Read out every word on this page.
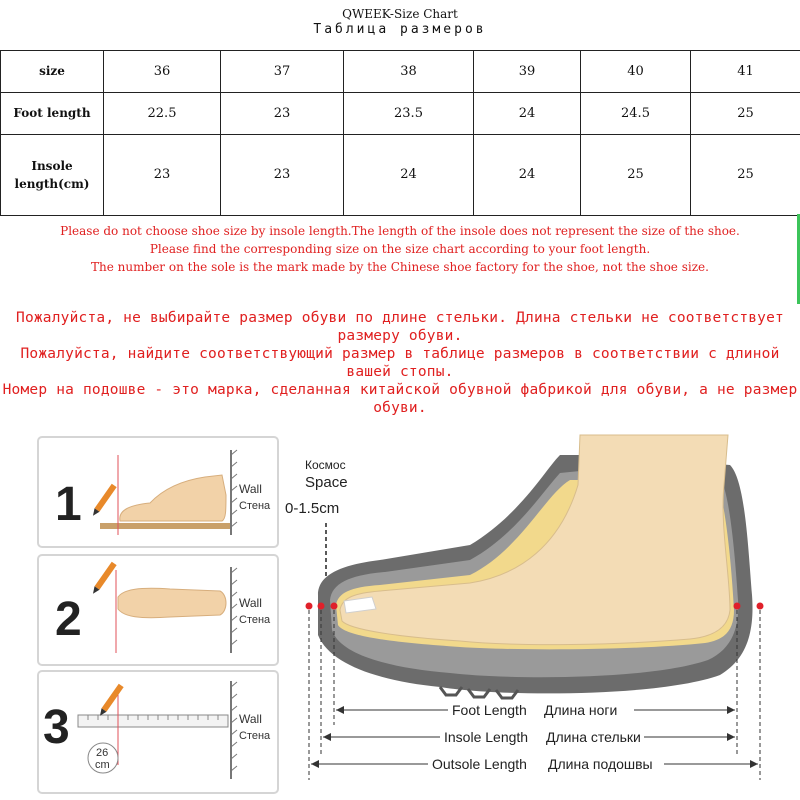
QWEEK-Size Chart
Таблица размеров
size	36	37	38	39	40	41
Foot length	22.5	23	23.5	24	24.5	25

Insole
length(cm)	23	23	24	24	25	25
Please do not choose shoe size by insole length.The length of the insole does not represent the size of the shoe.
Please find the corresponding size on the size chart according to your foot length.
The number on the sole is the mark made by the Chinese shoe factory for the shoe, not the shoe size.
Пожалуйста, не выбирайте размер обуви по длине стельки. Длина стельки не соответствует размеру обуви.
Пожалуйста, найдите соответствующий размер в таблице размеров в соответствии с длиной вашей стопы.
Номер на подошве - это марка, сделанная китайской обувной фабрикой для обуви, а не размер обуви.
1	Wall
Стена
2	Wall
Стена
3	Wall
Стена
26
cm
Космос
Space
0-1.5cm
Foot Length Длина ноги
Insole Length Длина стельки
Outsole Length Длина подошвы
